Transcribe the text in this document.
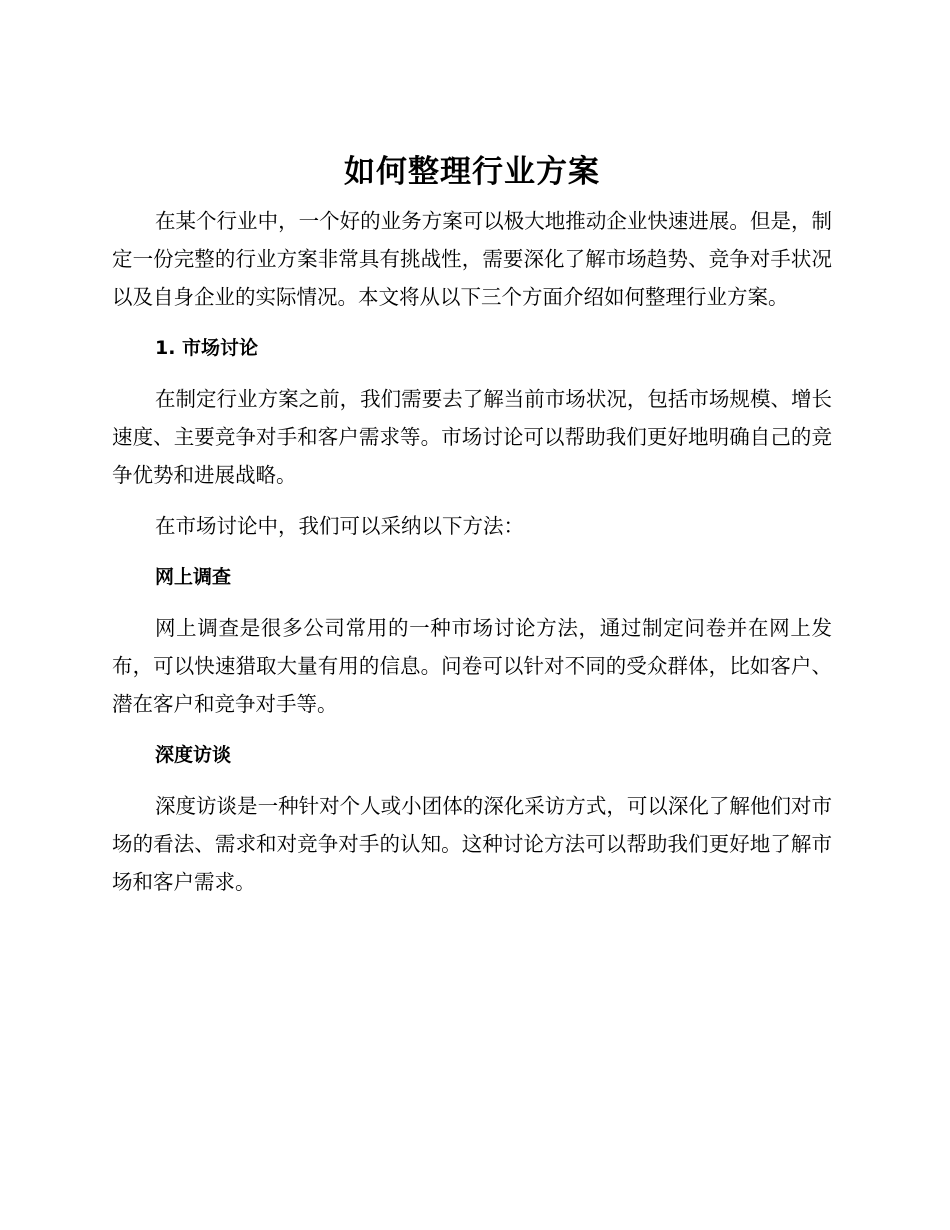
如何整理行业方案

在某个行业中，一个好的业务方案可以极大地推动企业快速进展。但是，制定一份完整的行业方案非常具有挑战性，需要深化了解市场趋势、竞争对手状况以及自身企业的实际情况。本文将从以下三个方面介绍如何整理行业方案。

1. 市场讨论

在制定行业方案之前，我们需要去了解当前市场状况，包括市场规模、增长速度、主要竞争对手和客户需求等。市场讨论可以帮助我们更好地明确自己的竞争优势和进展战略。

在市场讨论中，我们可以采纳以下方法：

网上调查

网上调查是很多公司常用的一种市场讨论方法，通过制定问卷并在网上发布，可以快速猎取大量有用的信息。问卷可以针对不同的受众群体，比如客户、潜在客户和竞争对手等。

深度访谈

深度访谈是一种针对个人或小团体的深化采访方式，可以深化了解他们对市场的看法、需求和对竞争对手的认知。这种讨论方法可以帮助我们更好地了解市场和客户需求。
